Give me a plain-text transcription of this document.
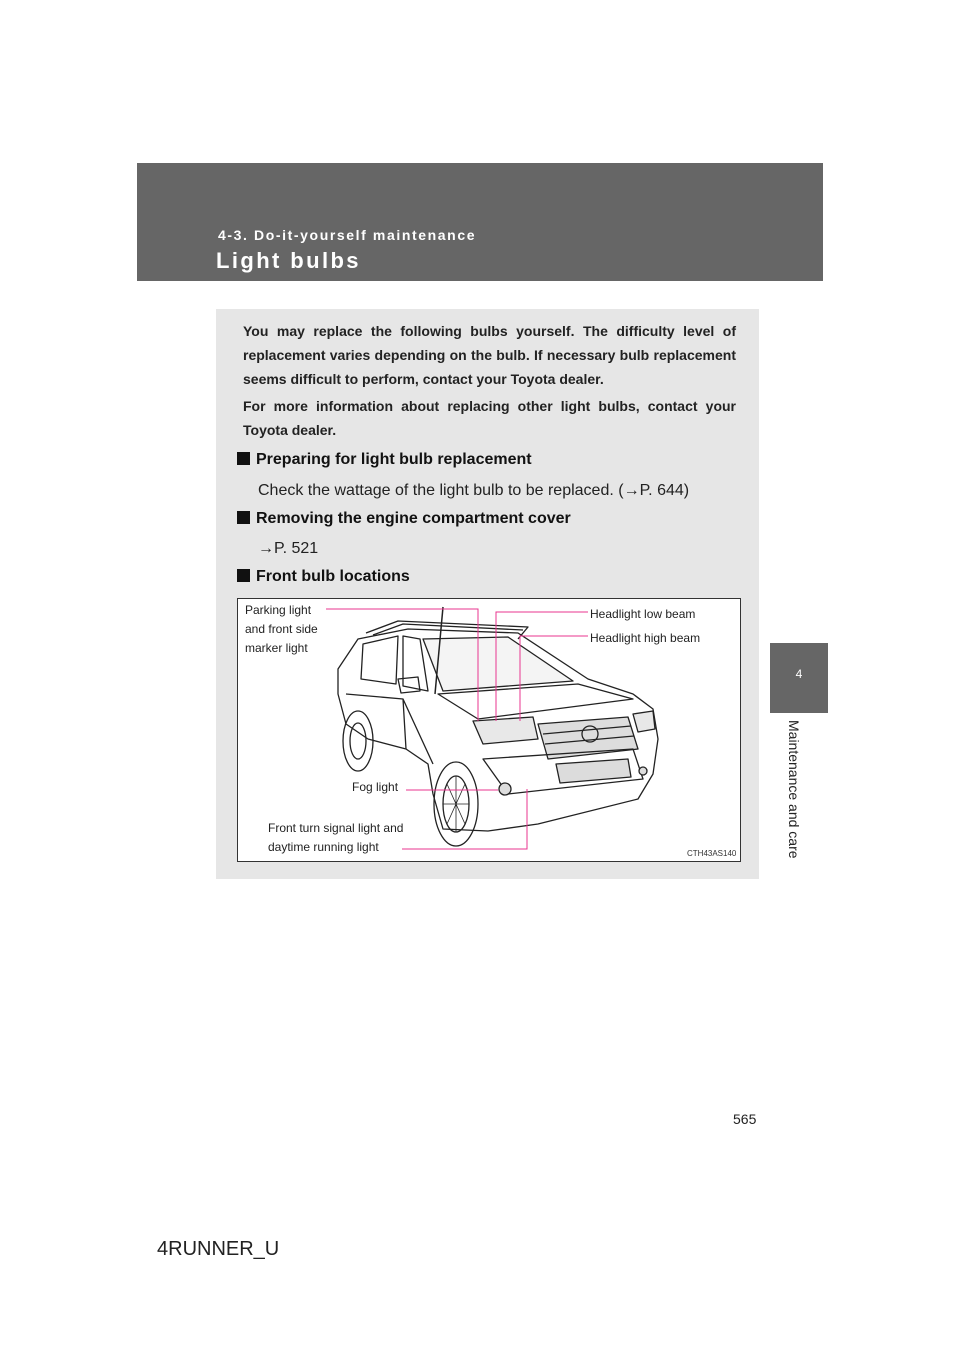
4-3. Do-it-yourself maintenance
Light bulbs
4
Maintenance and care

You may replace the following bulbs yourself. The difficulty level of replacement varies depending on the bulb. If necessary bulb replacement seems difficult to perform, contact your Toyota dealer.

For more information about replacing other light bulbs, contact your Toyota dealer.

Preparing for light bulb replacement
Check the wattage of the light bulb to be replaced. (→P. 644)
Removing the engine compartment cover
→P. 521
Front bulb locations
Parking light
and front side
marker light
Headlight low beam
Headlight high beam
Fog light
Front turn signal light and
daytime running light	CTH43AS140
565
4RUNNER_U
